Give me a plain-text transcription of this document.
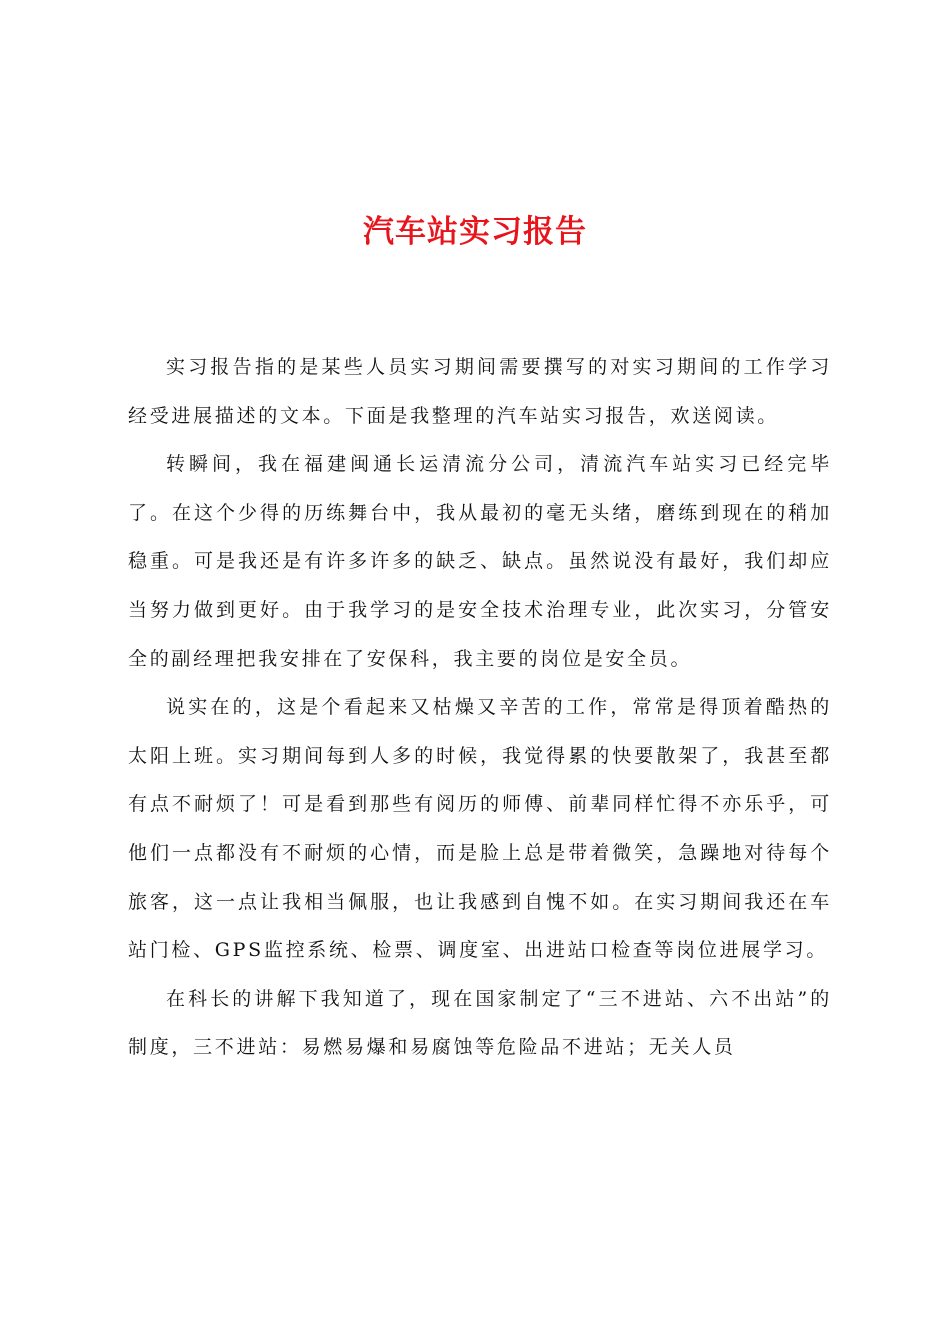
汽车站实习报告

实习报告指的是某些人员实习期间需要撰写的对实习期间的工作学习经受进展描述的文本。下面是我整理的汽车站实习报告，欢送阅读。

转瞬间，我在福建闽通长运清流分公司，清流汽车站实习已经完毕了。在这个少得的历练舞台中，我从最初的毫无头绪，磨练到现在的稍加稳重。可是我还是有许多许多的缺乏、缺点。虽然说没有最好，我们却应当努力做到更好。由于我学习的是安全技术治理专业，此次实习，分管安全的副经理把我安排在了安保科，我主要的岗位是安全员。

说实在的，这是个看起来又枯燥又辛苦的工作，常常是得顶着酷热的太阳上班。实习期间每到人多的时候，我觉得累的快要散架了，我甚至都有点不耐烦了！可是看到那些有阅历的师傅、前辈同样忙得不亦乐乎，可他们一点都没有不耐烦的心情，而是脸上总是带着微笑，急躁地对待每个旅客，这一点让我相当佩服，也让我感到自愧不如。在实习期间我还在车站门检、GPS监控系统、检票、调度室、出进站口检查等岗位进展学习。

在科长的讲解下我知道了，现在国家制定了“三不进站、六不出站”的制度，三不进站：易燃易爆和易腐蚀等危险品不进站；无关人员
